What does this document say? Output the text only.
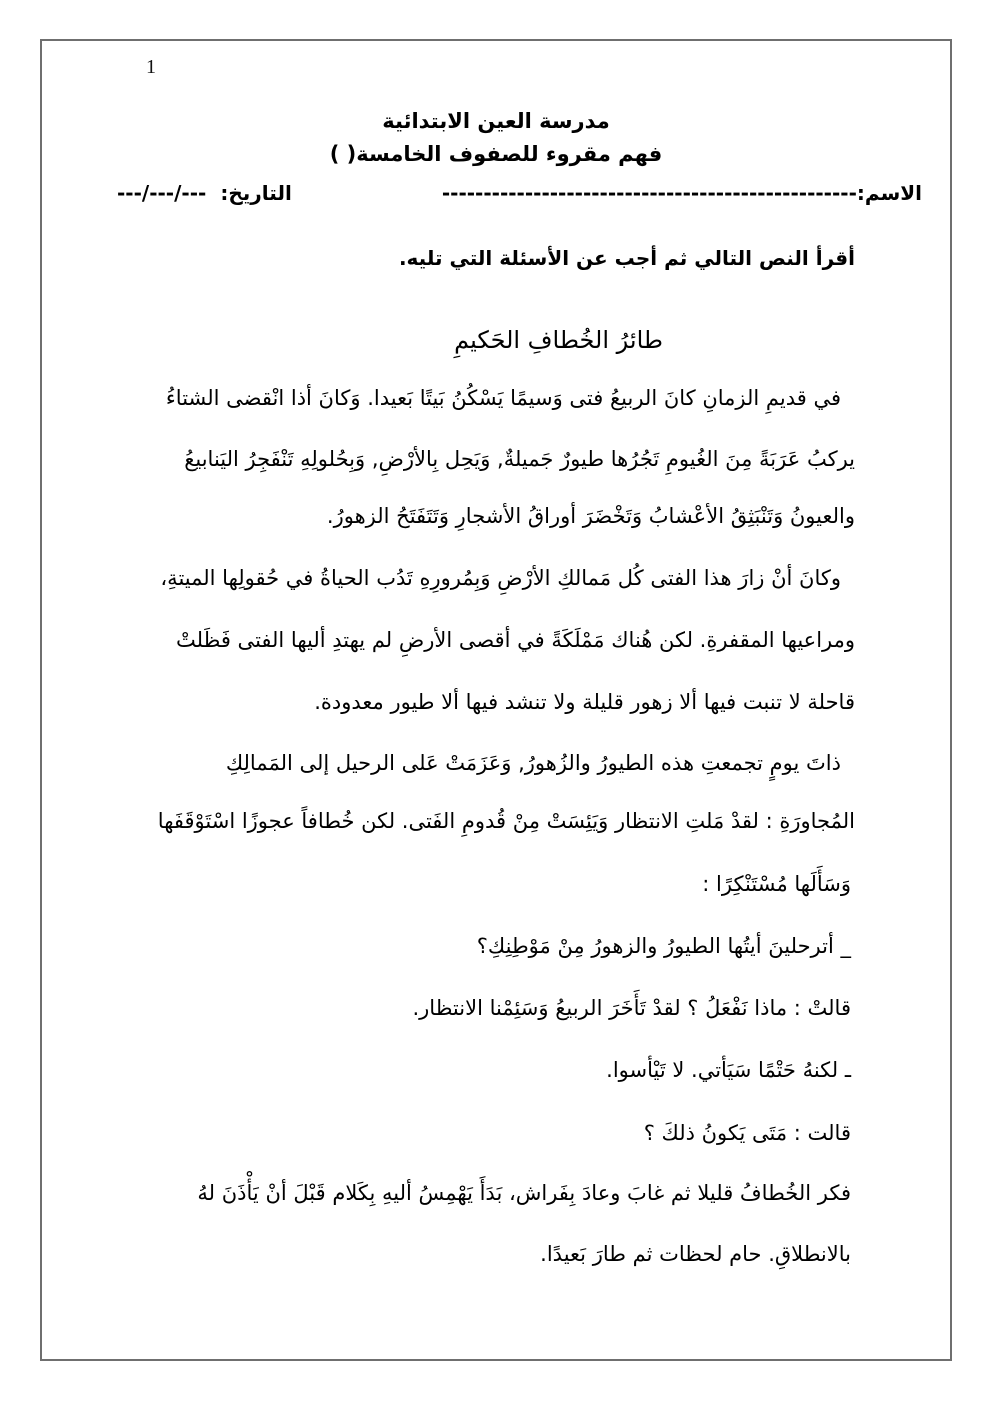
1
مدرسة العين الابتدائية
فهم مقروء للصفوف الخامسة( )
الاسم:--------------------------------------------------
التاريخ:---/---/---
أقرأ النص التالي ثم أجب عن الأسئلة التي تليه.
طائرُ الخُطافِ الحَكيمِ
في قديمِ الزمانِ كانَ الربيعُ فتى وَسيمًا يَسْكُنُ بَيتًا بَعيدا. وَكانَ أذا انْقضى الشتاءُ
يركبُ عَرَبَةً مِنَ الغُيومِ تَجُرُها طيورٌ جَميلةٌ, وَيَحِل بِالأرْضِ, وَبِحُلولِهِ تَنْفَجِرُ اليَنابيعُ
والعيونُ وَتَنْبَثِقُ الأعْشابُ وَتَخْضَرَ أوراقُ الأشجارِ وَتَتَفَتَحُ الزهورُ.
وكانَ أنْ زارَ هذا الفتى كُل مَمالكِ الأرْضِ وَبِمُرورِهِ تَدُب الحياةُ في حُقولِها الميتةِ،
ومراعيها المقفرةِ. لكن هُناك مَمْلَكَةً في أقصى الأرضِ لم يهتدِ أليها الفتى فَظَلتْ
قاحلة لا تنبت فيها ألا زهور قليلة ولا تنشد فيها ألا طيور معدودة.
ذاتَ يومٍ تجمعتِ هذه الطيورُ والزُهورُ, وَعَزَمَتْ عَلى الرحيل إلى المَمالِكِ
المُجاورَةِ : لقدْ مَلتِ الانتظار وَيَئِسَتْ مِنْ قُدومِ الفَتى. لكن خُطافاً عجوزًا اسْتَوْقَفَها
وَسَأَلَها مُسْتَنْكِرًا :
_ أترحلينَ أيتُها الطيورُ والزهورُ مِنْ مَوْطِنِكِ؟
قالتْ : ماذا نَفْعَلُ ؟ لقدْ تَأَخَرَ الربيعُ وَسَئِمْنا الانتظار.
ـ لكنهُ حَتْمًا سَيَأتي. لا تَيْأسوا.
قالت : مَتَى يَكونُ ذلكَ ؟
فكر الخُطافُ قليلا ثم غابَ وعادَ بِفَراش، بَدَأَ يَهْمِسُ أليهِ بِكَلام قَبْلَ أنْ يَأْذَنَ لهُ
بالانطلاقِ. حام لحظات ثم طارَ بَعيدًا.
